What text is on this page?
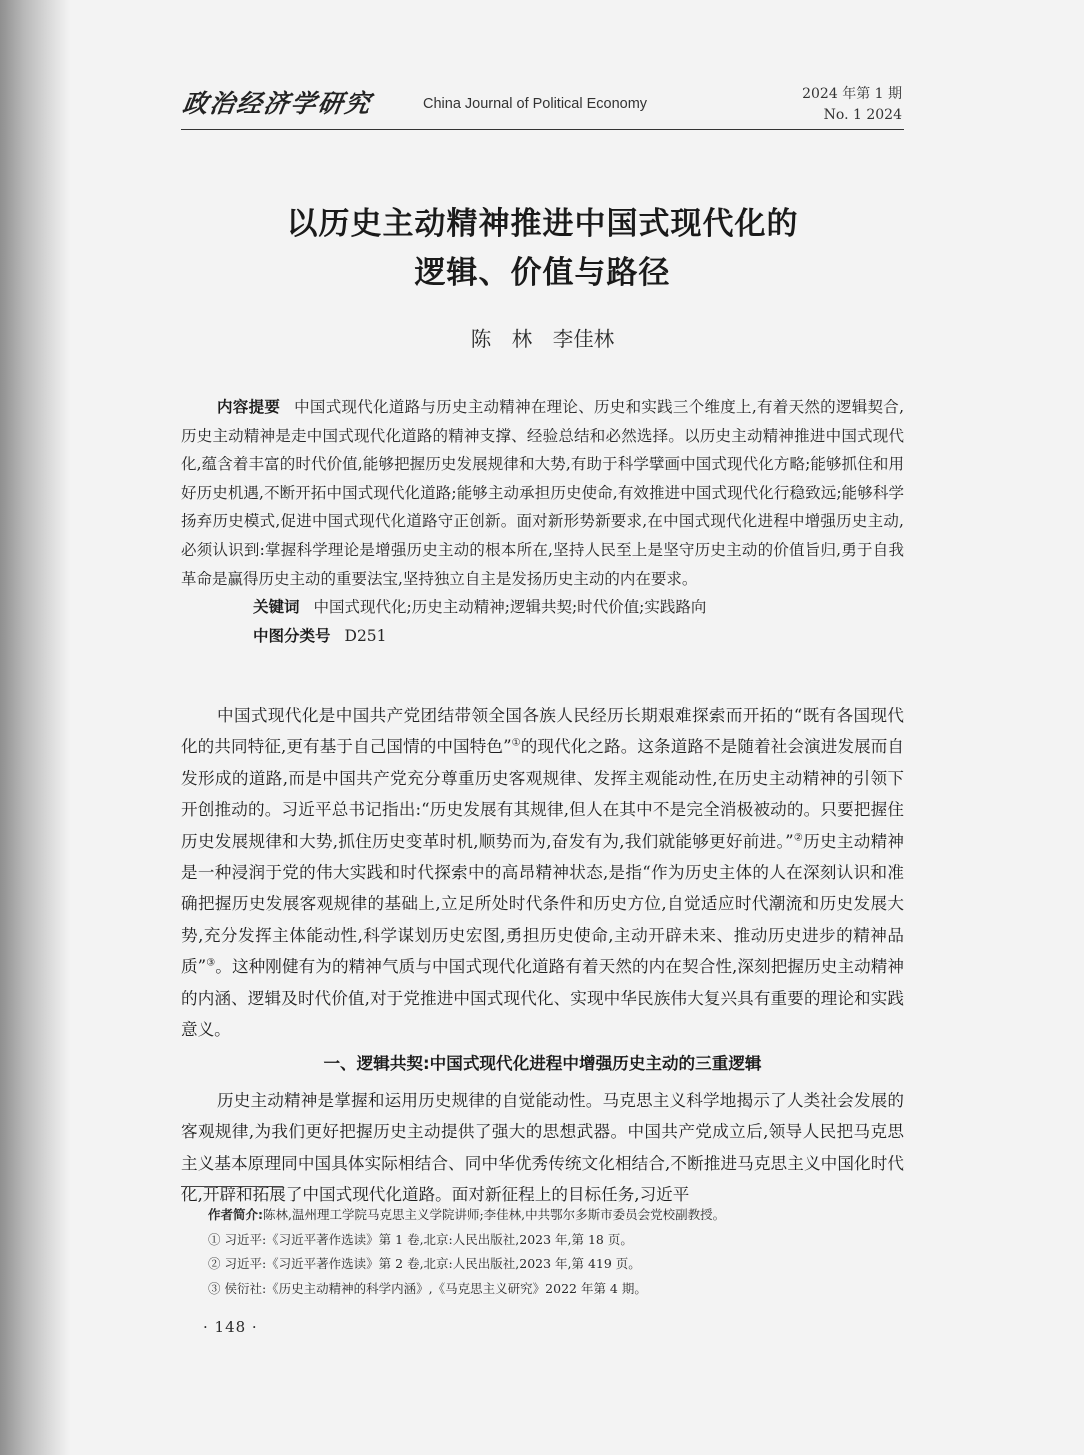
政治经济学研究	China Journal of Political Economy
2024 年第 1 期
No. 1 2024
以历史主动精神推进中国式现代化的
逻辑、价值与路径
陈　林　李佳林

内容提要 中国式现代化道路与历史主动精神在理论、历史和实践三个维度上,有着天然的逻辑契合,历史主动精神是走中国式现代化道路的精神支撑、经验总结和必然选择。以历史主动精神推进中国式现代化,蕴含着丰富的时代价值,能够把握历史发展规律和大势,有助于科学擘画中国式现代化方略;能够抓住和用好历史机遇,不断开拓中国式现代化道路;能够主动承担历史使命,有效推进中国式现代化行稳致远;能够科学扬弃历史模式,促进中国式现代化道路守正创新。面对新形势新要求,在中国式现代化进程中增强历史主动,必须认识到:掌握科学理论是增强历史主动的根本所在,坚持人民至上是坚守历史主动的价值旨归,勇于自我革命是赢得历史主动的重要法宝,坚持独立自主是发扬历史主动的内在要求。

关键词 中国式现代化;历史主动精神;逻辑共契;时代价值;实践路向

中图分类号 D251

中国式现代化是中国共产党团结带领全国各族人民经历长期艰难探索而开拓的“既有各国现代化的共同特征,更有基于自己国情的中国特色”①的现代化之路。这条道路不是随着社会演进发展而自发形成的道路,而是中国共产党充分尊重历史客观规律、发挥主观能动性,在历史主动精神的引领下开创推动的。习近平总书记指出:“历史发展有其规律,但人在其中不是完全消极被动的。只要把握住历史发展规律和大势,抓住历史变革时机,顺势而为,奋发有为,我们就能够更好前进。”②历史主动精神是一种浸润于党的伟大实践和时代探索中的高昂精神状态,是指“作为历史主体的人在深刻认识和准确把握历史发展客观规律的基础上,立足所处时代条件和历史方位,自觉适应时代潮流和历史发展大势,充分发挥主体能动性,科学谋划历史宏图,勇担历史使命,主动开辟未来、推动历史进步的精神品质”③。这种刚健有为的精神气质与中国式现代化道路有着天然的内在契合性,深刻把握历史主动精神的内涵、逻辑及时代价值,对于党推进中国式现代化、实现中华民族伟大复兴具有重要的理论和实践意义。

一、逻辑共契:中国式现代化进程中增强历史主动的三重逻辑

历史主动精神是掌握和运用历史规律的自觉能动性。马克思主义科学地揭示了人类社会发展的客观规律,为我们更好把握历史主动提供了强大的思想武器。中国共产党成立后,领导人民把马克思主义基本原理同中国具体实际相结合、同中华优秀传统文化相结合,不断推进马克思主义中国化时代化,开辟和拓展了中国式现代化道路。面对新征程上的目标任务,习近平

作者简介:陈林,温州理工学院马克思主义学院讲师;李佳林,中共鄂尔多斯市委员会党校副教授。
① 习近平:《习近平著作选读》第 1 卷,北京:人民出版社,2023 年,第 18 页。
② 习近平:《习近平著作选读》第 2 卷,北京:人民出版社,2023 年,第 419 页。
③ 侯衍社:《历史主动精神的科学内涵》,《马克思主义研究》2022 年第 4 期。
· 148 ·
